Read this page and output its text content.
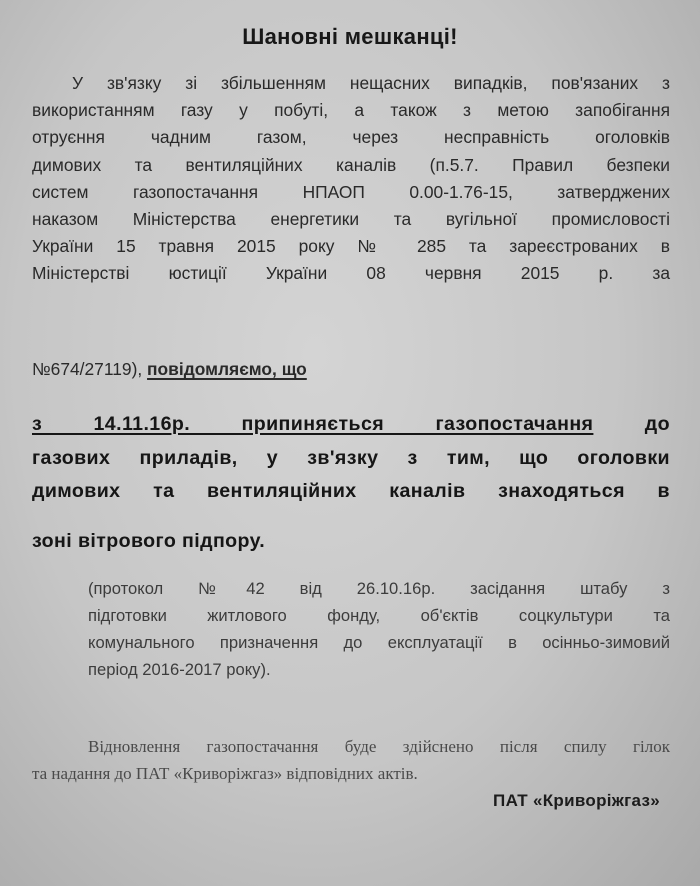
Шановні мешканці!
У зв'язку зі збільшенням нещасних випадків, пов'язаних з
використанням газу у побуті, а також з метою запобігання
отруєння чадним газом, через несправність оголовків
димових та вентиляційних каналів (п.5.7. Правил безпеки
систем газопостачання НПАОП 0.00-1.76-15, затверджених
наказом Міністерства енергетики та вугільної промисловості
України 15 травня 2015 року № 285 та зареєстрованих в
Міністерстві юстиції України 08 червня 2015 р. за
№674/27119), повідомляємо, що
з 14.11.16р. припиняється газопостачання до
газових приладів, у зв'язку з тим, що оголовки
димових та вентиляційних каналів знаходяться в
зоні вітрового підпору.
(протокол №42 від 26.10.16р. засідання штабу з
підготовки житлового фонду, об'єктів соцкультури та
комунального призначення до експлуатації в осінньо-зимовий
період 2016-2017 року).
Відновлення газопостачання буде здійснено після спилу гілок
та надання до ПАТ «Криворіжгаз» відповідних актів.
ПАТ «Криворіжгаз»
